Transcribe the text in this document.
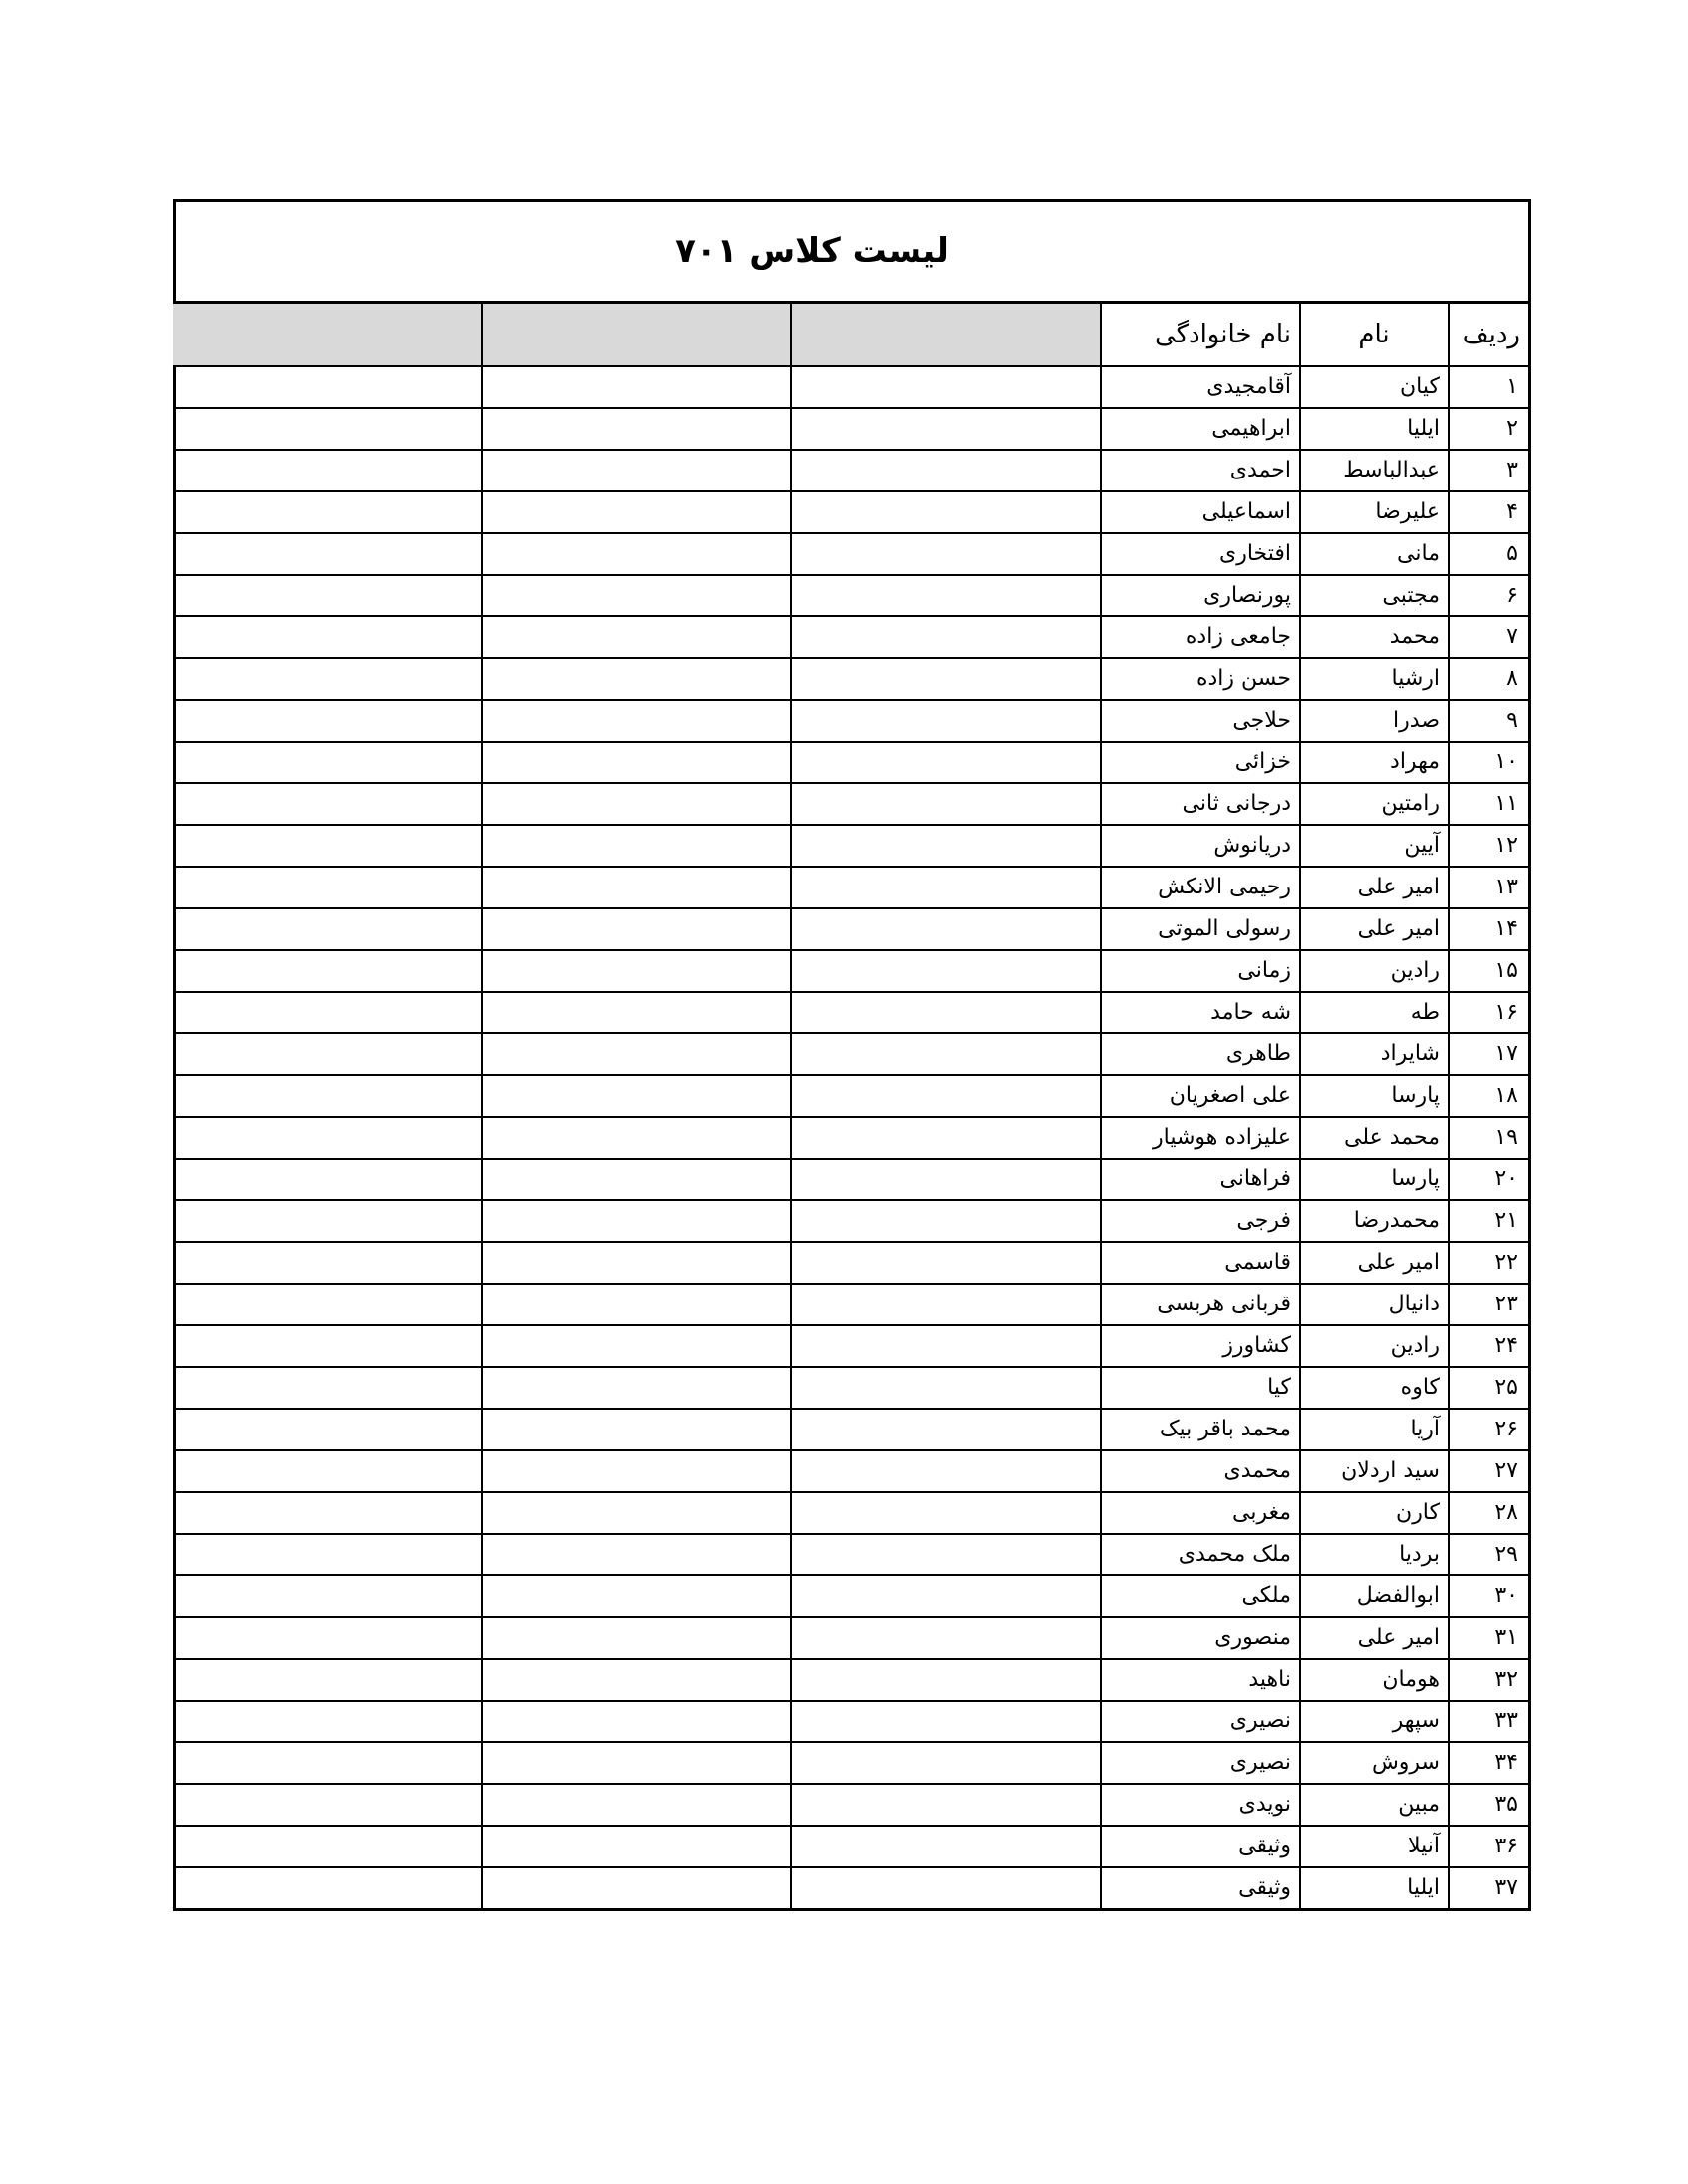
لیست کلاس ۷۰۱
ردیف	نام	نام خانوادگی			
۱	کیان	آقامجیدی			
۲	ایلیا	ابراهیمی			
۳	عبدالباسط	احمدی			
۴	علیرضا	اسماعیلی			
۵	مانی	افتخاری			
۶	مجتبی	پورنصاری			
۷	محمد	جامعی زاده			
۸	ارشیا	حسن زاده			
۹	صدرا	حلاجی			
۱۰	مهراد	خزائی			
۱۱	رامتین	درجانی ثانی			
۱۲	آیین	دریانوش			
۱۳	امیر علی	رحیمی الانکش			
۱۴	امیر علی	رسولی الموتی			
۱۵	رادین	زمانی			
۱۶	طه	شه حامد			
۱۷	شایراد	طاهری			
۱۸	پارسا	علی اصغریان			
۱۹	محمد علی	علیزاده هوشیار			
۲۰	پارسا	فراهانی			
۲۱	محمدرضا	فرجی			
۲۲	امیر علی	قاسمی			
۲۳	دانیال	قربانی هربسی			
۲۴	رادین	کشاورز			
۲۵	کاوه	کیا			
۲۶	آریا	محمد باقر بیک			
۲۷	سید اردلان	محمدی			
۲۸	کارن	مغربی			
۲۹	بردیا	ملک محمدی			
۳۰	ابوالفضل	ملکی			
۳۱	امیر علی	منصوری			
۳۲	هومان	ناهید			
۳۳	سپهر	نصیری			
۳۴	سروش	نصیری			
۳۵	مبین	نویدی			
۳۶	آنیلا	وثیقی			
۳۷	ایلیا	وثیقی			
